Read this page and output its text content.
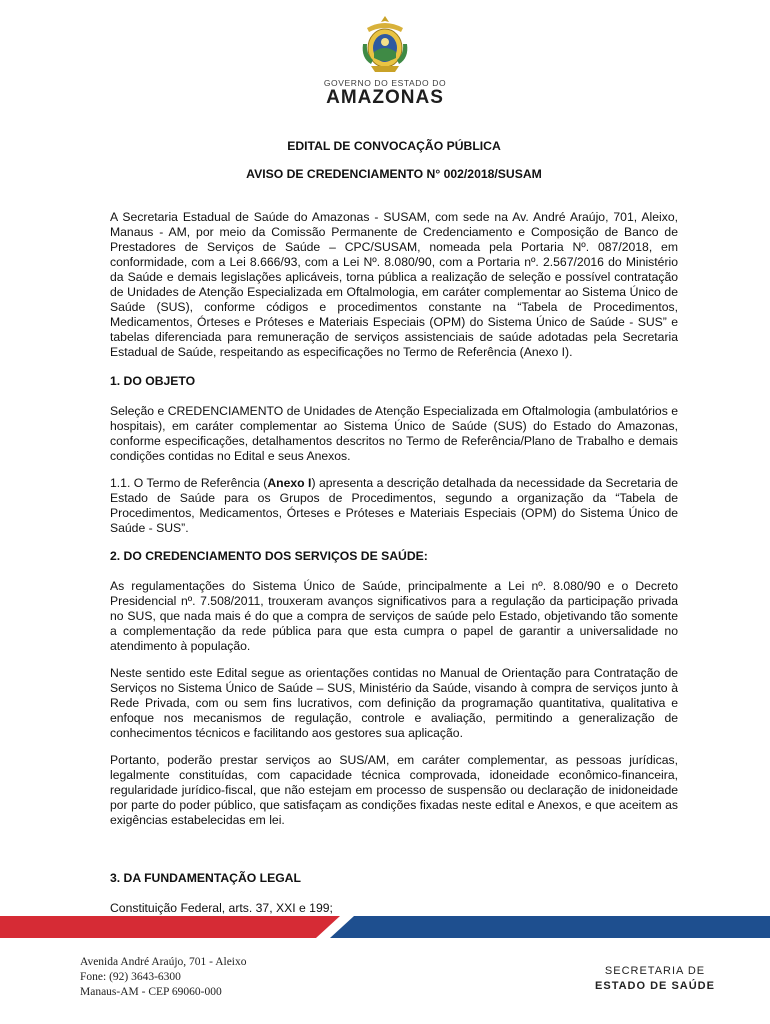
GOVERNO DO ESTADO DO
AMAZONAS
EDITAL DE CONVOCAÇÃO PÚBLICA
AVISO DE CREDENCIAMENTO N° 002/2018/SUSAM

A Secretaria Estadual de Saúde do Amazonas - SUSAM, com sede na Av. André Araújo, 701, Aleixo, Manaus - AM, por meio da Comissão Permanente de Credenciamento e Composição de Banco de Prestadores de Serviços de Saúde – CPC/SUSAM, nomeada pela Portaria Nº. 087/2018, em conformidade, com a Lei 8.666/93, com a Lei Nº. 8.080/90, com a Portaria nº. 2.567/2016 do Ministério da Saúde e demais legislações aplicáveis, torna pública a realização de seleção e possível contratação de Unidades de Atenção Especializada em Oftalmologia, em caráter complementar ao Sistema Único de Saúde (SUS), conforme códigos e procedimentos constante na “Tabela de Procedimentos, Medicamentos, Órteses e Próteses e Materiais Especiais (OPM) do Sistema Único de Saúde - SUS” e tabelas diferenciada para remuneração de serviços assistenciais de saúde adotadas pela Secretaria Estadual de Saúde, respeitando as especificações no Termo de Referência (Anexo I).

1. DO OBJETO

Seleção e CREDENCIAMENTO de Unidades de Atenção Especializada em Oftalmologia (ambulatórios e hospitais), em caráter complementar ao Sistema Único de Saúde (SUS) do Estado do Amazonas, conforme especificações, detalhamentos descritos no Termo de Referência/Plano de Trabalho e demais condições contidas no Edital e seus Anexos.

1.1. O Termo de Referência (Anexo I) apresenta a descrição detalhada da necessidade da Secretaria de Estado de Saúde para os Grupos de Procedimentos, segundo a organização da “Tabela de Procedimentos, Medicamentos, Órteses e Próteses e Materiais Especiais (OPM) do Sistema Único de Saúde - SUS”.

2. DO CREDENCIAMENTO DOS SERVIÇOS DE SAÚDE:

As regulamentações do Sistema Único de Saúde, principalmente a Lei nº. 8.080/90 e o Decreto Presidencial nº. 7.508/2011, trouxeram avanços significativos para a regulação da participação privada no SUS, que nada mais é do que a compra de serviços de saúde pelo Estado, objetivando tão somente a complementação da rede pública para que esta cumpra o papel de garantir a universalidade no atendimento à população.

Neste sentido este Edital segue as orientações contidas no Manual de Orientação para Contratação de Serviços no Sistema Único de Saúde – SUS, Ministério da Saúde, visando à compra de serviços junto à Rede Privada, com ou sem fins lucrativos, com definição da programação quantitativa, qualitativa e enfoque nos mecanismos de regulação, controle e avaliação, permitindo a generalização de conhecimentos técnicos e facilitando aos gestores sua aplicação.

Portanto, poderão prestar serviços ao SUS/AM, em caráter complementar, as pessoas jurídicas, legalmente constituídas, com capacidade técnica comprovada, idoneidade econômico-financeira, regularidade jurídico-fiscal, que não estejam em processo de suspensão ou declaração de inidoneidade por parte do poder público, que satisfaçam as condições fixadas neste edital e Anexos, e que aceitem as exigências estabelecidas em lei.

3. DA FUNDAMENTAÇÃO LEGAL

Constituição Federal, arts. 37, XXI e 199;

Avenida André Araújo, 701 - Aleixo
Fone: (92) 3643-6300
Manaus-AM - CEP 69060-000
SECRETARIA DE
ESTADO DE SAÚDE
